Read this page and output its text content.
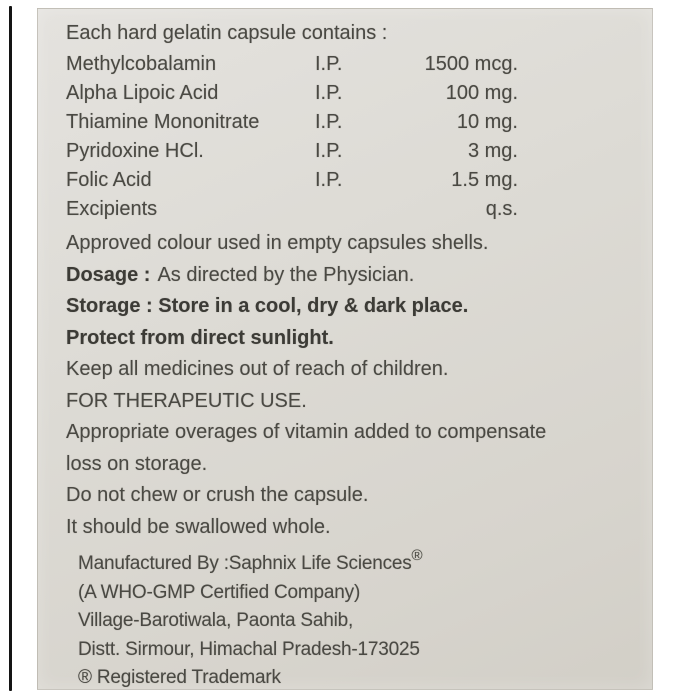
Each hard gelatin capsule contains :
Methylcobalamin	I.P.	1500 mcg.
Alpha Lipoic Acid	I.P.	100 mg.
Thiamine Mononitrate	I.P.	10 mg.
Pyridoxine HCl.	I.P.	3 mg.
Folic Acid	I.P.	1.5 mg.
Excipients	q.s.
Approved colour used in empty capsules shells.
Dosage : As directed by the Physician.
Storage : Store in a cool, dry & dark place.
Protect from direct sunlight.
Keep all medicines out of reach of children.
FOR THERAPEUTIC USE.
Appropriate overages of vitamin added to compensate
loss on storage.
Do not chew or crush the capsule.
It should be swallowed whole.
Manufactured By :Saphnix Life Sciences®
(A WHO-GMP Certified Company)
Village-Barotiwala, Paonta Sahib,
Distt. Sirmour, Himachal Pradesh-173025
® Registered Trademark
